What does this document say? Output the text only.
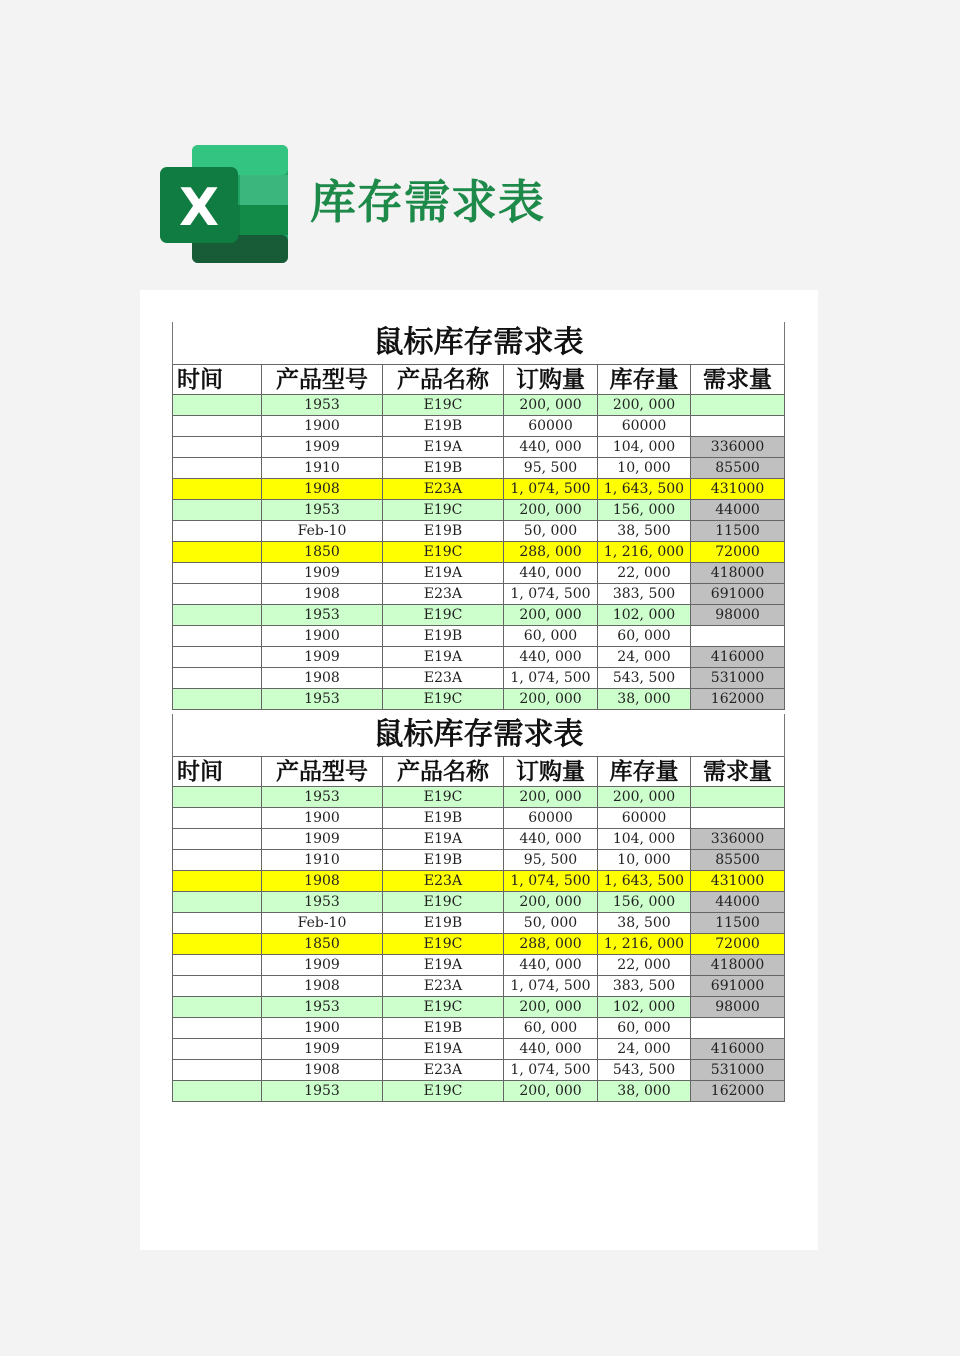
X 库存需求表
鼠标库存需求表					
时间	产品型号	产品名称	订购量	库存量	需求量
	1953	E19C	200, 000	200, 000	
	1900	E19B	60000	60000	
	1909	E19A	440, 000	104, 000	336000
	1910	E19B	95, 500	10, 000	85500
	1908	E23A	1, 074, 500	1, 643, 500	431000
	1953	E19C	200, 000	156, 000	44000
	Feb-10	E19B	50, 000	38, 500	11500
	1850	E19C	288, 000	1, 216, 000	72000
	1909	E19A	440, 000	22, 000	418000
	1908	E23A	1, 074, 500	383, 500	691000
	1953	E19C	200, 000	102, 000	98000
	1900	E19B	60, 000	60, 000	
	1909	E19A	440, 000	24, 000	416000
	1908	E23A	1, 074, 500	543, 500	531000
	1953	E19C	200, 000	38, 000	162000
鼠标库存需求表					
时间	产品型号	产品名称	订购量	库存量	需求量
	1953	E19C	200, 000	200, 000	
	1900	E19B	60000	60000	
	1909	E19A	440, 000	104, 000	336000
	1910	E19B	95, 500	10, 000	85500
	1908	E23A	1, 074, 500	1, 643, 500	431000
	1953	E19C	200, 000	156, 000	44000
	Feb-10	E19B	50, 000	38, 500	11500
	1850	E19C	288, 000	1, 216, 000	72000
	1909	E19A	440, 000	22, 000	418000
	1908	E23A	1, 074, 500	383, 500	691000
	1953	E19C	200, 000	102, 000	98000
	1900	E19B	60, 000	60, 000	
	1909	E19A	440, 000	24, 000	416000
	1908	E23A	1, 074, 500	543, 500	531000
	1953	E19C	200, 000	38, 000	162000
